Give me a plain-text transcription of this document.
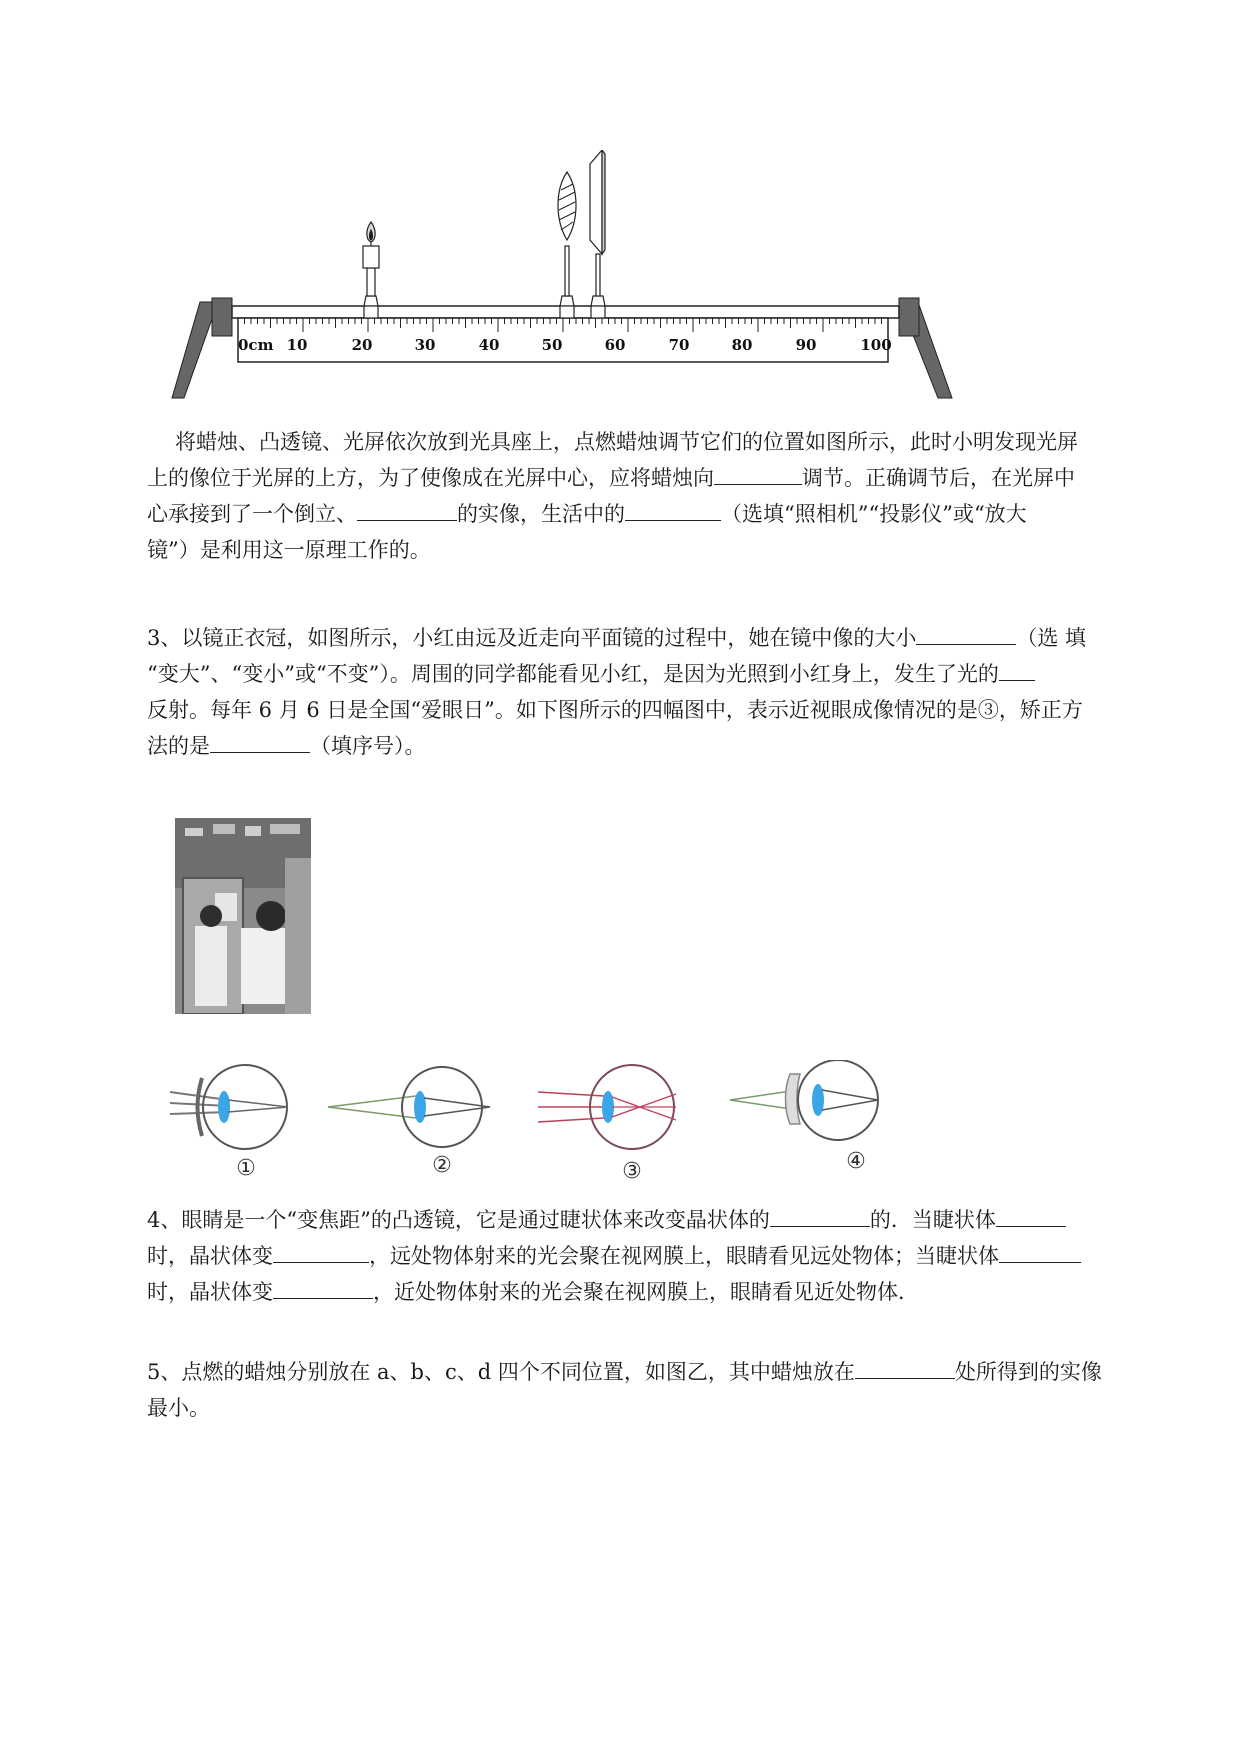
0cm 10	20	30	40	50	60	70	80	90	100

将蜡烛、凸透镜、光屏依次放到光具座上，点燃蜡烛调节它们的位置如图所示，此时小明发现光屏
上的像位于光屏的上方，为了使像成在光屏中心，应将蜡烛向	调节。正确调节后，在光屏中
心承接到了一个倒立、	的实像，生活中的	（选填“照相机”“投影仪”或“放大
镜”）是利用这一原理工作的。

3、以镜正衣冠，如图所示，小红由远及近走向平面镜的过程中，她在镜中像的大小	（选 填
“变大”、“变小”或“不变”）。周围的同学都能看见小红，是因为光照到小红身上，发生了光的
反射。每年 6 月 6 日是全国“爱眼日”。如下图所示的四幅图中，表示近视眼成像情况的是③，矫正方
法的是	（填序号）。

①	②	③	④

4、眼睛是一个“变焦距”的凸透镜，它是通过睫状体来改变晶状体的	的．当睫状体
时，晶状体变	，远处物体射来的光会聚在视网膜上，眼睛看见远处物体；当睫状体
时，晶状体变	，近处物体射来的光会聚在视网膜上，眼睛看见近处物体．

5、点燃的蜡烛分别放在 a、b、c、d 四个不同位置，如图乙，其中蜡烛放在	处所得到的实像
最小。
